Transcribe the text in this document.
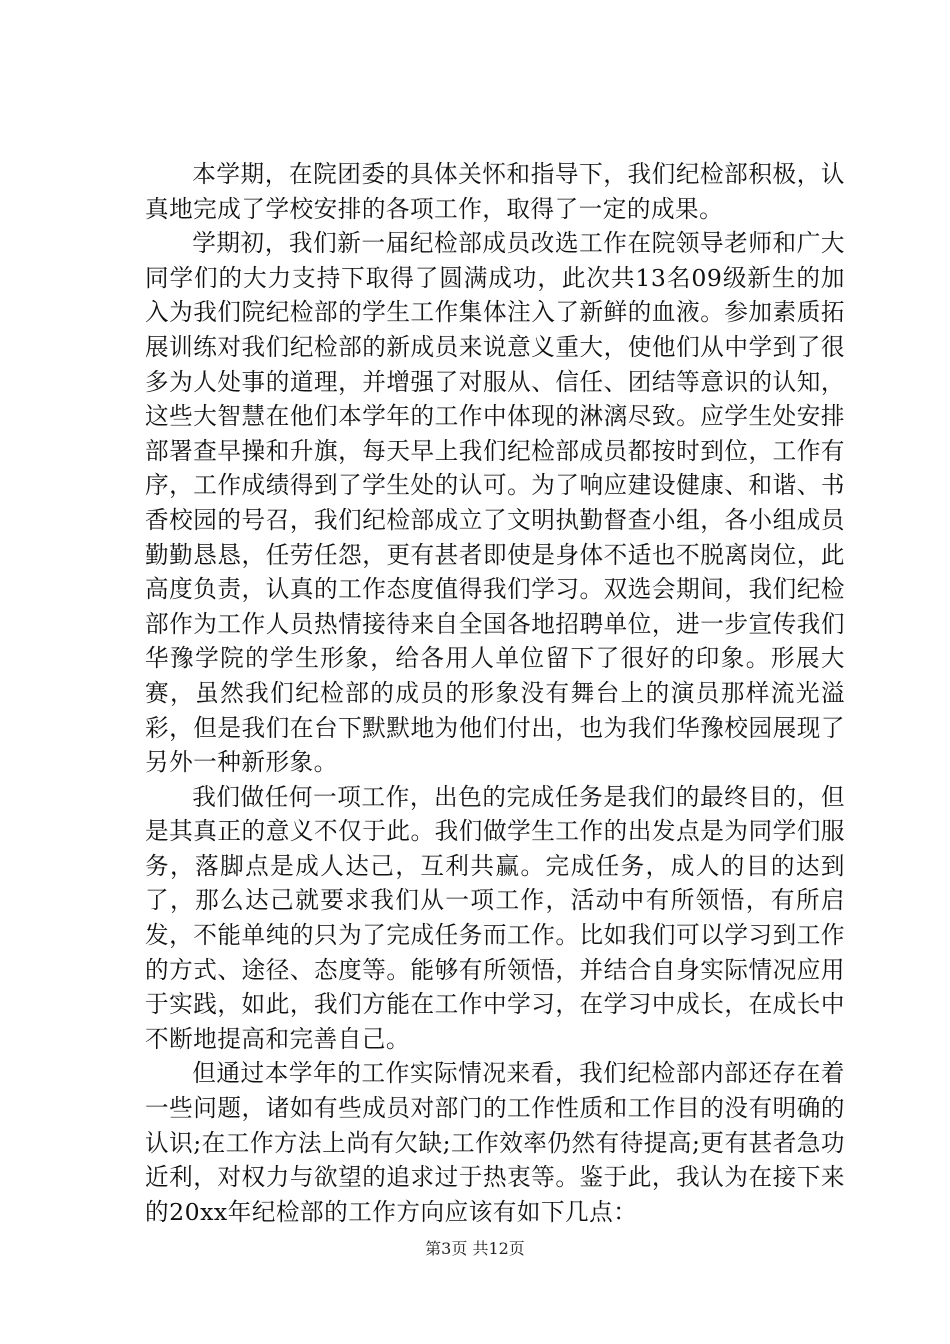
本学期，在院团委的具体关怀和指导下，我们纪检部积极，认真地完成了学校安排的各项工作，取得了一定的成果。

学期初，我们新一届纪检部成员改选工作在院领导老师和广大同学们的大力支持下取得了圆满成功，此次共13名09级新生的加入为我们院纪检部的学生工作集体注入了新鲜的血液。参加素质拓展训练对我们纪检部的新成员来说意义重大，使他们从中学到了很多为人处事的道理，并增强了对服从、信任、团结等意识的认知，这些大智慧在他们本学年的工作中体现的淋漓尽致。应学生处安排部署查早操和升旗，每天早上我们纪检部成员都按时到位，工作有序，工作成绩得到了学生处的认可。为了响应建设健康、和谐、书香校园的号召，我们纪检部成立了文明执勤督查小组，各小组成员勤勤恳恳，任劳任怨，更有甚者即使是身体不适也不脱离岗位，此高度负责，认真的工作态度值得我们学习。双选会期间，我们纪检部作为工作人员热情接待来自全国各地招聘单位，进一步宣传我们华豫学院的学生形象，给各用人单位留下了很好的印象。形展大赛，虽然我们纪检部的成员的形象没有舞台上的演员那样流光溢彩，但是我们在台下默默地为他们付出，也为我们华豫校园展现了另外一种新形象。

我们做任何一项工作，出色的完成任务是我们的最终目的，但是其真正的意义不仅于此。我们做学生工作的出发点是为同学们服务，落脚点是成人达己，互利共赢。完成任务，成人的目的达到了，那么达己就要求我们从一项工作，活动中有所领悟，有所启发，不能单纯的只为了完成任务而工作。比如我们可以学习到工作的方式、途径、态度等。能够有所领悟，并结合自身实际情况应用于实践，如此，我们方能在工作中学习，在学习中成长，在成长中不断地提高和完善自己。

但通过本学年的工作实际情况来看，我们纪检部内部还存在着一些问题，诸如有些成员对部门的工作性质和工作目的没有明确的认识;在工作方法上尚有欠缺;工作效率仍然有待提高;更有甚者急功近利，对权力与欲望的追求过于热衷等。鉴于此，我认为在接下来的20xx年纪检部的工作方向应该有如下几点：

第3页 共12页
